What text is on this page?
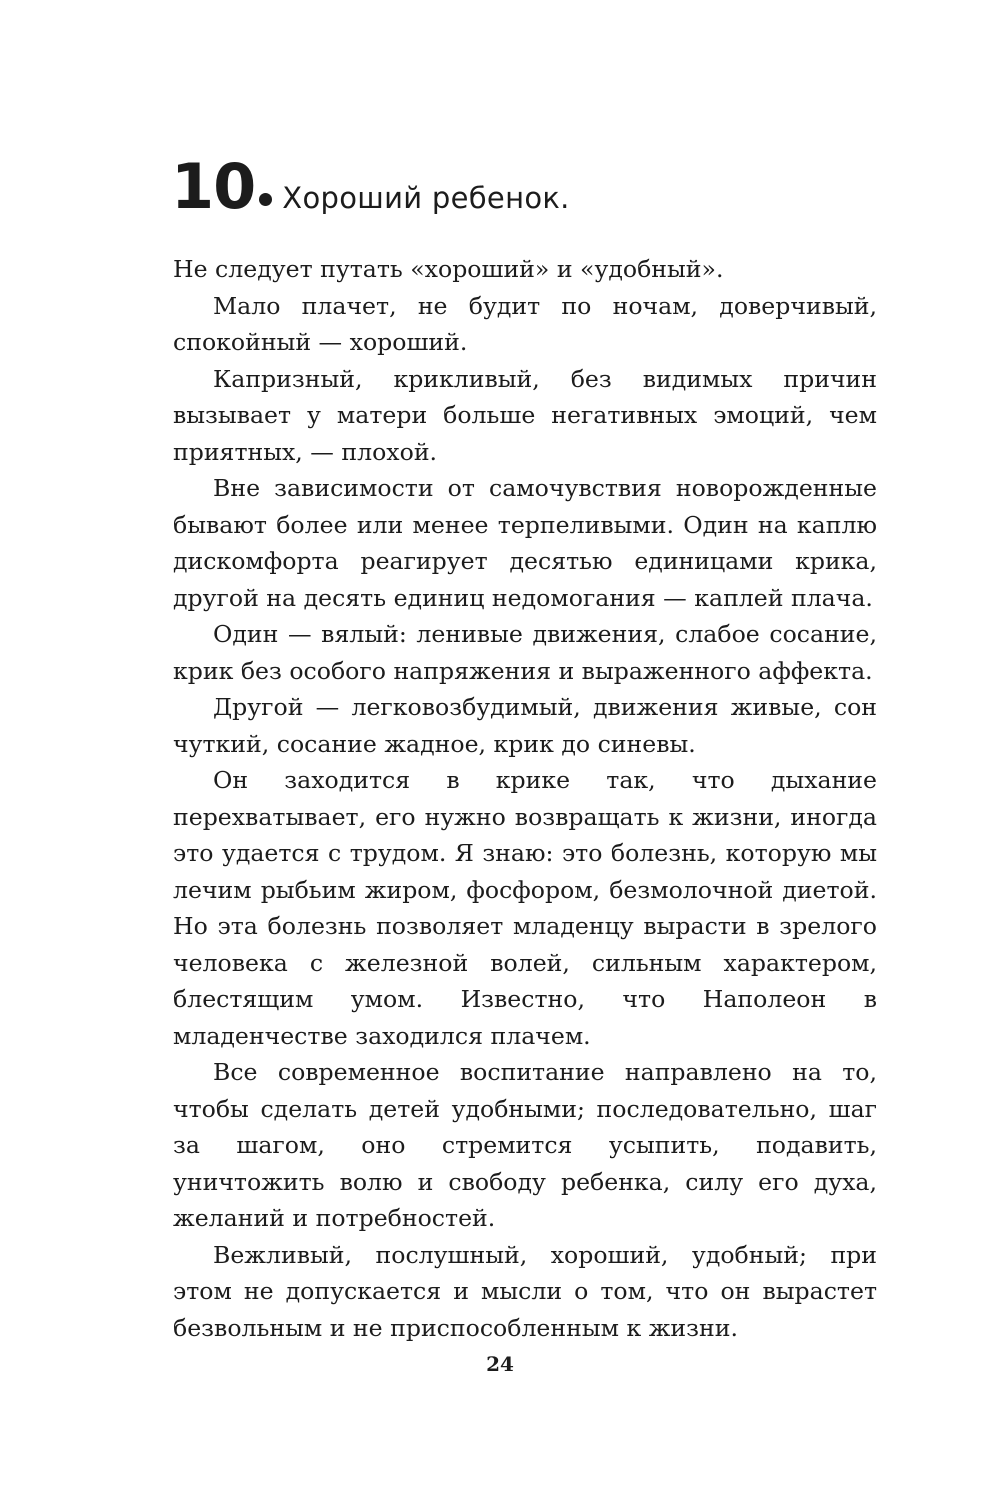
10 Хороший ребенок.

Не следует путать «хороший» и «удобный».

Мало плачет, не будит по ночам, доверчивый, спокойный — хороший.

Капризный, крикливый, без видимых причин вызывает у матери больше негативных эмоций, чем приятных, — плохой.

Вне зависимости от самочувствия новорожденные бывают более или менее терпеливыми. Один на каплю дискомфорта реагирует десятью единицами крика, другой на десять единиц недомогания — каплей плача.

Один — вялый: ленивые движения, слабое сосание, крик без особого напряжения и выраженного аффекта.

Другой — легковозбудимый, движения живые, сон чуткий, сосание жадное, крик до синевы.

Он заходится в крике так, что дыхание перехватывает, его нужно возвращать к жизни, иногда это удается с трудом. Я знаю: это болезнь, которую мы лечим рыбьим жиром, фосфором, безмолочной диетой. Но эта болезнь позволяет младенцу вырасти в зрелого человека с железной волей, сильным характером, блестящим умом. Известно, что Наполеон в младенчестве заходился плачем.

Все современное воспитание направлено на то, чтобы сделать детей удобными; последовательно, шаг за шагом, оно стремится усыпить, подавить, уничтожить волю и свободу ребенка, силу его духа, желаний и потребностей.

Вежливый, послушный, хороший, удобный; при этом не допускается и мысли о том, что он вырастет безвольным и не приспособленным к жизни.

24
